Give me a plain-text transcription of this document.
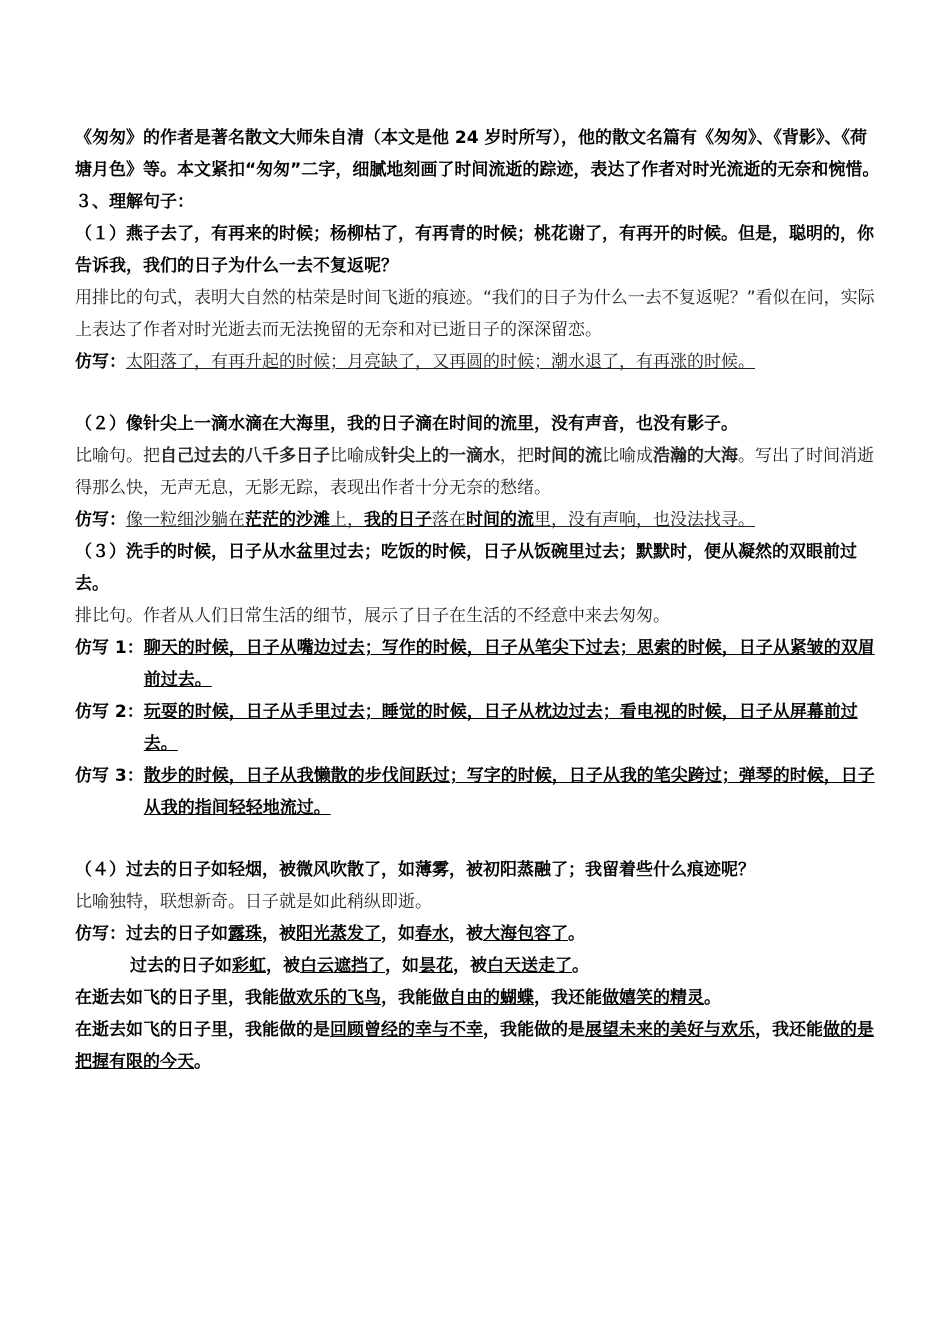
《匆匆》的作者是著名散文大师朱自清（本文是他 24 岁时所写），他的散文名篇有《匆匆》、《背影》、《荷塘月色》等。本文紧扣“匆匆”二字，细腻地刻画了时间流逝的踪迹，表达了作者对时光流逝的无奈和惋惜。

３、理解句子：

（１）燕子去了，有再来的时候；杨柳枯了，有再青的时候；桃花谢了，有再开的时候。但是，聪明的，你告诉我，我们的日子为什么一去不复返呢？

用排比的句式，表明大自然的枯荣是时间飞逝的痕迹。“我们的日子为什么一去不复返呢？”看似在问，实际上表达了作者对时光逝去而无法挽留的无奈和对已逝日子的深深留恋。

仿写：太阳落了，有再升起的时候；月亮缺了，又再圆的时候；潮水退了，有再涨的时候。

（２）像针尖上一滴水滴在大海里，我的日子滴在时间的流里，没有声音，也没有影子。

比喻句。把自己过去的八千多日子比喻成针尖上的一滴水，把时间的流比喻成浩瀚的大海。写出了时间消逝得那么快，无声无息，无影无踪，表现出作者十分无奈的愁绪。

仿写：像一粒细沙躺在茫茫的沙滩上，我的日子落在时间的流里，没有声响，也没法找寻。

（３）洗手的时候，日子从水盆里过去；吃饭的时候，日子从饭碗里过去；默默时，便从凝然的双眼前过去。

排比句。作者从人们日常生活的细节，展示了日子在生活的不经意中来去匆匆。

仿写 1： 聊天的时候，日子从嘴边过去；写作的时候，日子从笔尖下过去；思索的时候，日子从紧皱的双眉前过去。
仿写 2： 玩耍的时候，日子从手里过去；睡觉的时候，日子从枕边过去；看电视的时候，日子从屏幕前过去。
仿写 3： 散步的时候，日子从我懒散的步伐间跃过；写字的时候，日子从我的笔尖跨过；弹琴的时候，日子从我的指间轻轻地流过。

（４）过去的日子如轻烟，被微风吹散了，如薄雾，被初阳蒸融了；我留着些什么痕迹呢？

比喻独特，联想新奇。日子就是如此稍纵即逝。

仿写：过去的日子如露珠，被阳光蒸发了，如春水，被大海包容了。

过去的日子如彩虹，被白云遮挡了，如昙花，被白天送走了。

在逝去如飞的日子里，我能做欢乐的飞鸟，我能做自由的蝴蝶，我还能做嬉笑的精灵。

在逝去如飞的日子里，我能做的是回顾曾经的幸与不幸，我能做的是展望未来的美好与欢乐，我还能做的是把握有限的今天。
